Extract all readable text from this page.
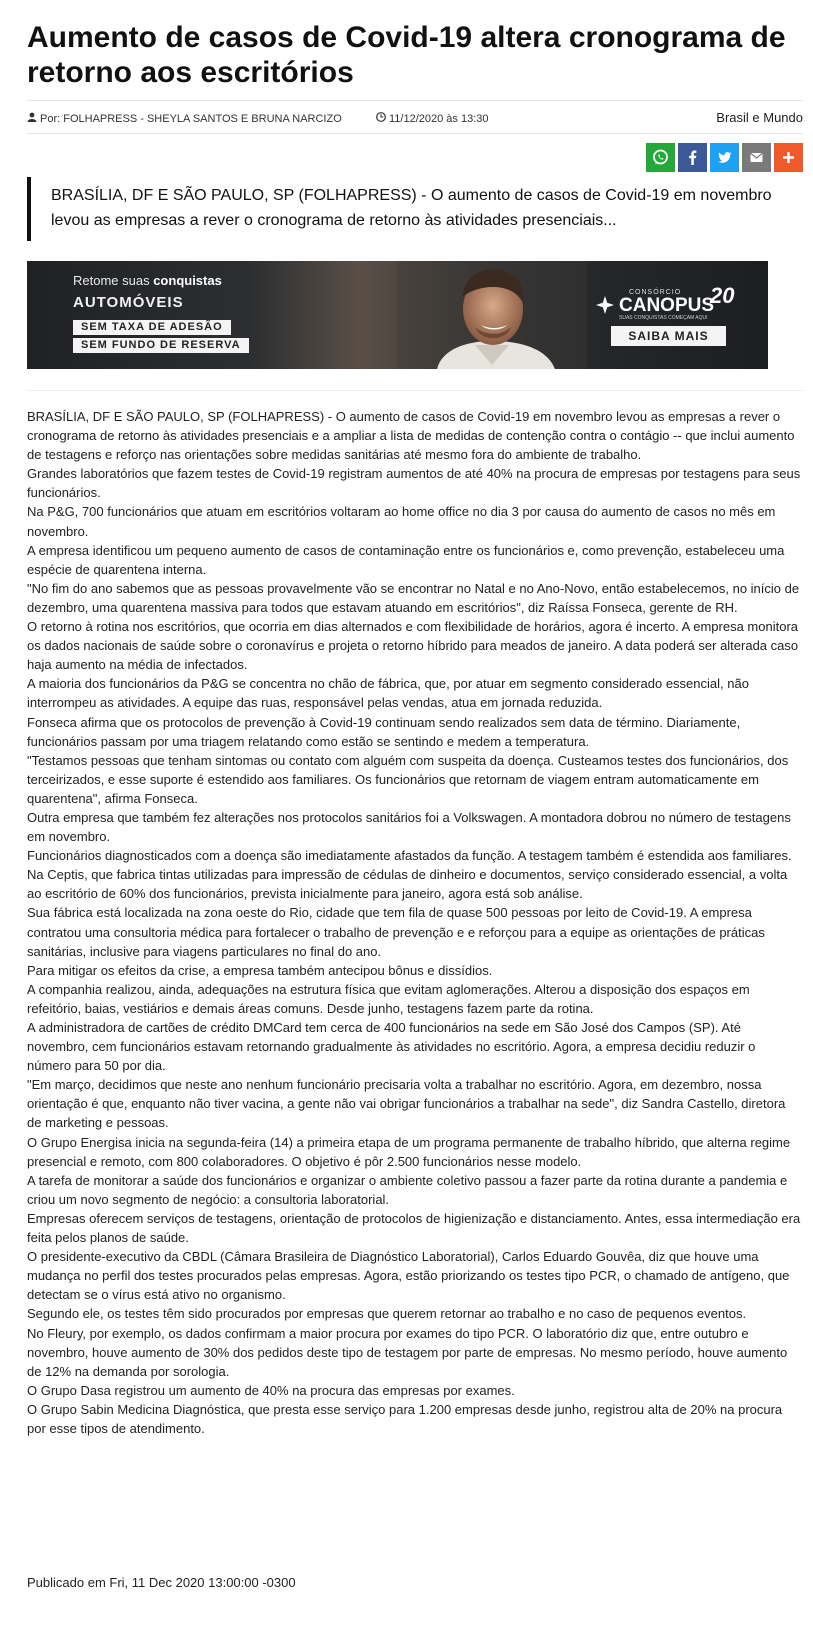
Aumento de casos de Covid-19 altera cronograma de retorno aos escritórios
Por: FOLHAPRESS - SHEYLA SANTOS E BRUNA NARCIZO	11/12/2020 às 13:30	Brasil e Mundo
BRASÍLIA, DF E SÃO PAULO, SP (FOLHAPRESS) - O aumento de casos de Covid-19 em novembro levou as empresas a rever o cronograma de retorno às atividades presenciais...
Retome suas conquistas
AUTOMÓVEIS
SEM TAXA DE ADESÃO
SEM FUNDO DE RESERVA
CONSÓRCIO
CANOPUS
SUAS CONQUISTAS COMEÇAM AQUI
20
SAIBA MAIS

BRASÍLIA, DF E SÃO PAULO, SP (FOLHAPRESS) - O aumento de casos de Covid-19 em novembro levou as empresas a rever o cronograma de retorno às atividades presenciais e a ampliar a lista de medidas de contenção contra o contágio -- que inclui aumento de testagens e reforço nas orientações sobre medidas sanitárias até mesmo fora do ambiente de trabalho.

Grandes laboratórios que fazem testes de Covid-19 registram aumentos de até 40% na procura de empresas por testagens para seus funcionários.

Na P&G, 700 funcionários que atuam em escritórios voltaram ao home office no dia 3 por causa do aumento de casos no mês em novembro.

A empresa identificou um pequeno aumento de casos de contaminação entre os funcionários e, como prevenção, estabeleceu uma espécie de quarentena interna.

"No fim do ano sabemos que as pessoas provavelmente vão se encontrar no Natal e no Ano-Novo, então estabelecemos, no início de dezembro, uma quarentena massiva para todos que estavam atuando em escritórios", diz Raíssa Fonseca, gerente de RH.

O retorno à rotina nos escritórios, que ocorria em dias alternados e com flexibilidade de horários, agora é incerto. A empresa monitora os dados nacionais de saúde sobre o coronavírus e projeta o retorno híbrido para meados de janeiro. A data poderá ser alterada caso haja aumento na média de infectados.

A maioria dos funcionários da P&G se concentra no chão de fábrica, que, por atuar em segmento considerado essencial, não interrompeu as atividades. A equipe das ruas, responsável pelas vendas, atua em jornada reduzida.

Fonseca afirma que os protocolos de prevenção à Covid-19 continuam sendo realizados sem data de término. Diariamente, funcionários passam por uma triagem relatando como estão se sentindo e medem a temperatura.

"Testamos pessoas que tenham sintomas ou contato com alguém com suspeita da doença. Custeamos testes dos funcionários, dos terceirizados, e esse suporte é estendido aos familiares. Os funcionários que retornam de viagem entram automaticamente em quarentena", afirma Fonseca.

Outra empresa que também fez alterações nos protocolos sanitários foi a Volkswagen. A montadora dobrou no número de testagens em novembro.

Funcionários diagnosticados com a doença são imediatamente afastados da função. A testagem também é estendida aos familiares.

Na Ceptis, que fabrica tintas utilizadas para impressão de cédulas de dinheiro e documentos, serviço considerado essencial, a volta ao escritório de 60% dos funcionários, prevista inicialmente para janeiro, agora está sob análise.

Sua fábrica está localizada na zona oeste do Rio, cidade que tem fila de quase 500 pessoas por leito de Covid-19. A empresa contratou uma consultoria médica para fortalecer o trabalho de prevenção e e reforçou para a equipe as orientações de práticas sanitárias, inclusive para viagens particulares no final do ano.

Para mitigar os efeitos da crise, a empresa também antecipou bônus e dissídios.

A companhia realizou, ainda, adequações na estrutura física que evitam aglomerações. Alterou a disposição dos espaços em refeitório, baias, vestiários e demais áreas comuns. Desde junho, testagens fazem parte da rotina.

A administradora de cartões de crédito DMCard tem cerca de 400 funcionários na sede em São José dos Campos (SP). Até novembro, cem funcionários estavam retornando gradualmente às atividades no escritório. Agora, a empresa decidiu reduzir o número para 50 por dia.

"Em março, decidimos que neste ano nenhum funcionário precisaria volta a trabalhar no escritório. Agora, em dezembro, nossa orientação é que, enquanto não tiver vacina, a gente não vai obrigar funcionários a trabalhar na sede", diz Sandra Castello, diretora de marketing e pessoas.

O Grupo Energisa inicia na segunda-feira (14) a primeira etapa de um programa permanente de trabalho híbrido, que alterna regime presencial e remoto, com 800 colaboradores. O objetivo é pôr 2.500 funcionários nesse modelo.

A tarefa de monitorar a saúde dos funcionários e organizar o ambiente coletivo passou a fazer parte da rotina durante a pandemia e criou um novo segmento de negócio: a consultoria laboratorial.

Empresas oferecem serviços de testagens, orientação de protocolos de higienização e distanciamento. Antes, essa intermediação era feita pelos planos de saúde.

O presidente-executivo da CBDL (Câmara Brasileira de Diagnóstico Laboratorial), Carlos Eduardo Gouvêa, diz que houve uma mudança no perfil dos testes procurados pelas empresas. Agora, estão priorizando os testes tipo PCR, o chamado de antígeno, que detectam se o vírus está ativo no organismo.

Segundo ele, os testes têm sido procurados por empresas que querem retornar ao trabalho e no caso de pequenos eventos.

No Fleury, por exemplo, os dados confirmam a maior procura por exames do tipo PCR. O laboratório diz que, entre outubro e novembro, houve aumento de 30% dos pedidos deste tipo de testagem por parte de empresas. No mesmo período, houve aumento de 12% na demanda por sorologia.

O Grupo Dasa registrou um aumento de 40% na procura das empresas por exames.

O Grupo Sabin Medicina Diagnóstica, que presta esse serviço para 1.200 empresas desde junho, registrou alta de 20% na procura por esse tipos de atendimento.

Publicado em Fri, 11 Dec 2020 13:00:00 -0300
